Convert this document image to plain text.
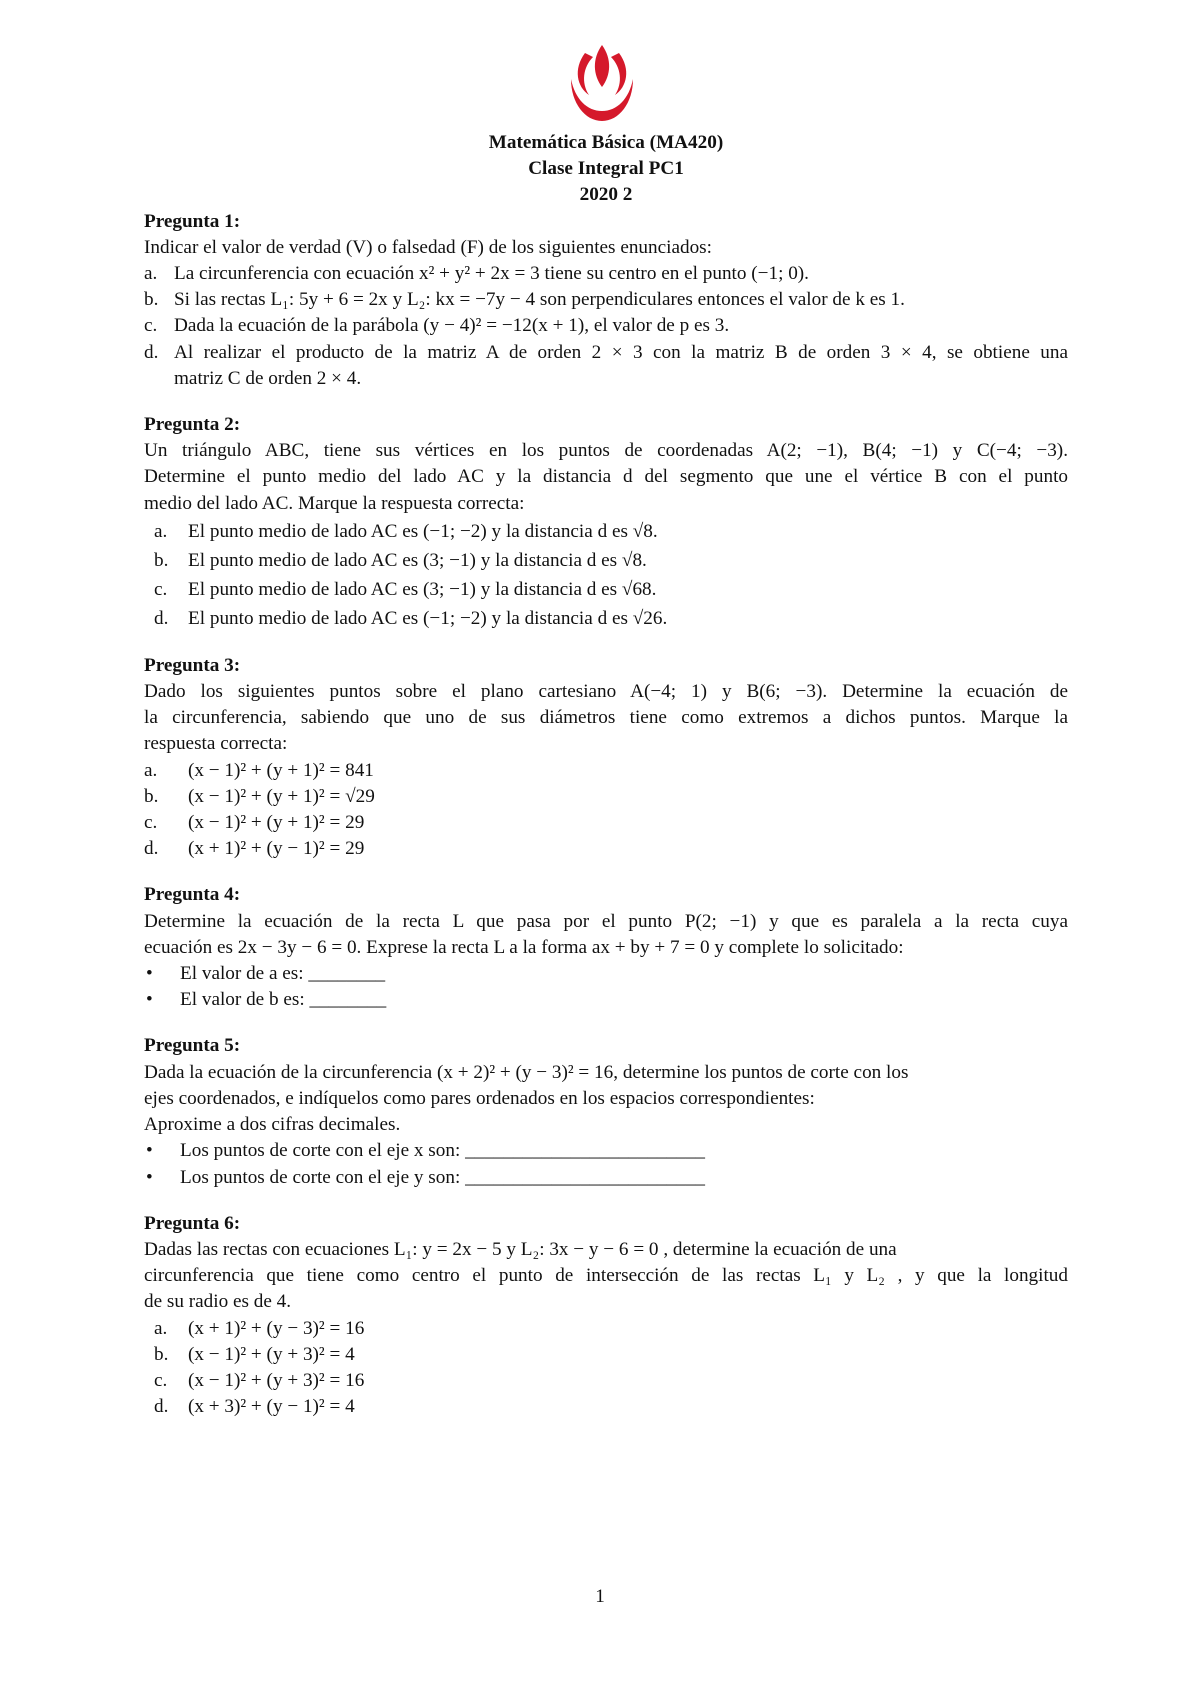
Matemática Básica (MA420)
Clase Integral PC1
2020 2
Pregunta 1:
Indicar el valor de verdad (V) o falsedad (F) de los siguientes enunciados:
a. La circunferencia con ecuación x² + y² + 2x = 3 tiene su centro en el punto (−1; 0).
b. Si las rectas L₁: 5y + 6 = 2x y L₂: kx = −7y − 4 son perpendiculares entonces el valor de k es 1.
c. Dada la ecuación de la parábola (y − 4)² = −12(x + 1), el valor de p es 3.
d. Al realizar el producto de la matriz A de orden 2 × 3 con la matriz B de orden 3 × 4, se obtiene una
matriz C de orden 2 × 4.
Pregunta 2:
Un triángulo ABC, tiene sus vértices en los puntos de coordenadas A(2; −1), B(4; −1) y C(−4; −3).
Determine el punto medio del lado AC y la distancia d del segmento que une el vértice B con el punto
medio del lado AC. Marque la respuesta correcta:
a. El punto medio de lado AC es (−1; −2) y la distancia d es √8.
b. El punto medio de lado AC es (3; −1) y la distancia d es √8.
c. El punto medio de lado AC es (3; −1) y la distancia d es √68.
d. El punto medio de lado AC es (−1; −2) y la distancia d es √26.
Pregunta 3:
Dado los siguientes puntos sobre el plano cartesiano A(−4; 1) y B(6; −3). Determine la ecuación de
la circunferencia, sabiendo que uno de sus diámetros tiene como extremos a dichos puntos. Marque la
respuesta correcta:
a. (x − 1)² + (y + 1)² = 841
b. (x − 1)² + (y + 1)² = √29
c. (x − 1)² + (y + 1)² = 29
d. (x + 1)² + (y − 1)² = 29
Pregunta 4:
Determine la ecuación de la recta L que pasa por el punto P(2; −1) y que es paralela a la recta cuya
ecuación es 2x − 3y − 6 = 0. Exprese la recta L a la forma ax + by + 7 = 0 y complete lo solicitado:
• El valor de a es: ________
• El valor de b es: ________
Pregunta 5:
Dada la ecuación de la circunferencia (x + 2)² + (y − 3)² = 16, determine los puntos de corte con los
ejes coordenados, e indíquelos como pares ordenados en los espacios correspondientes:
Aproxime a dos cifras decimales.
• Los puntos de corte con el eje x son: _________________________
• Los puntos de corte con el eje y son: _________________________
Pregunta 6:
Dadas las rectas con ecuaciones L₁: y = 2x − 5 y L₂: 3x − y − 6 = 0 , determine la ecuación de una
circunferencia que tiene como centro el punto de intersección de las rectas L₁ y L₂ , y que la longitud
de su radio es de 4.
a. (x + 1)² + (y − 3)² = 16
b. (x − 1)² + (y + 3)² = 4
c. (x − 1)² + (y + 3)² = 16
d. (x + 3)² + (y − 1)² = 4
1
